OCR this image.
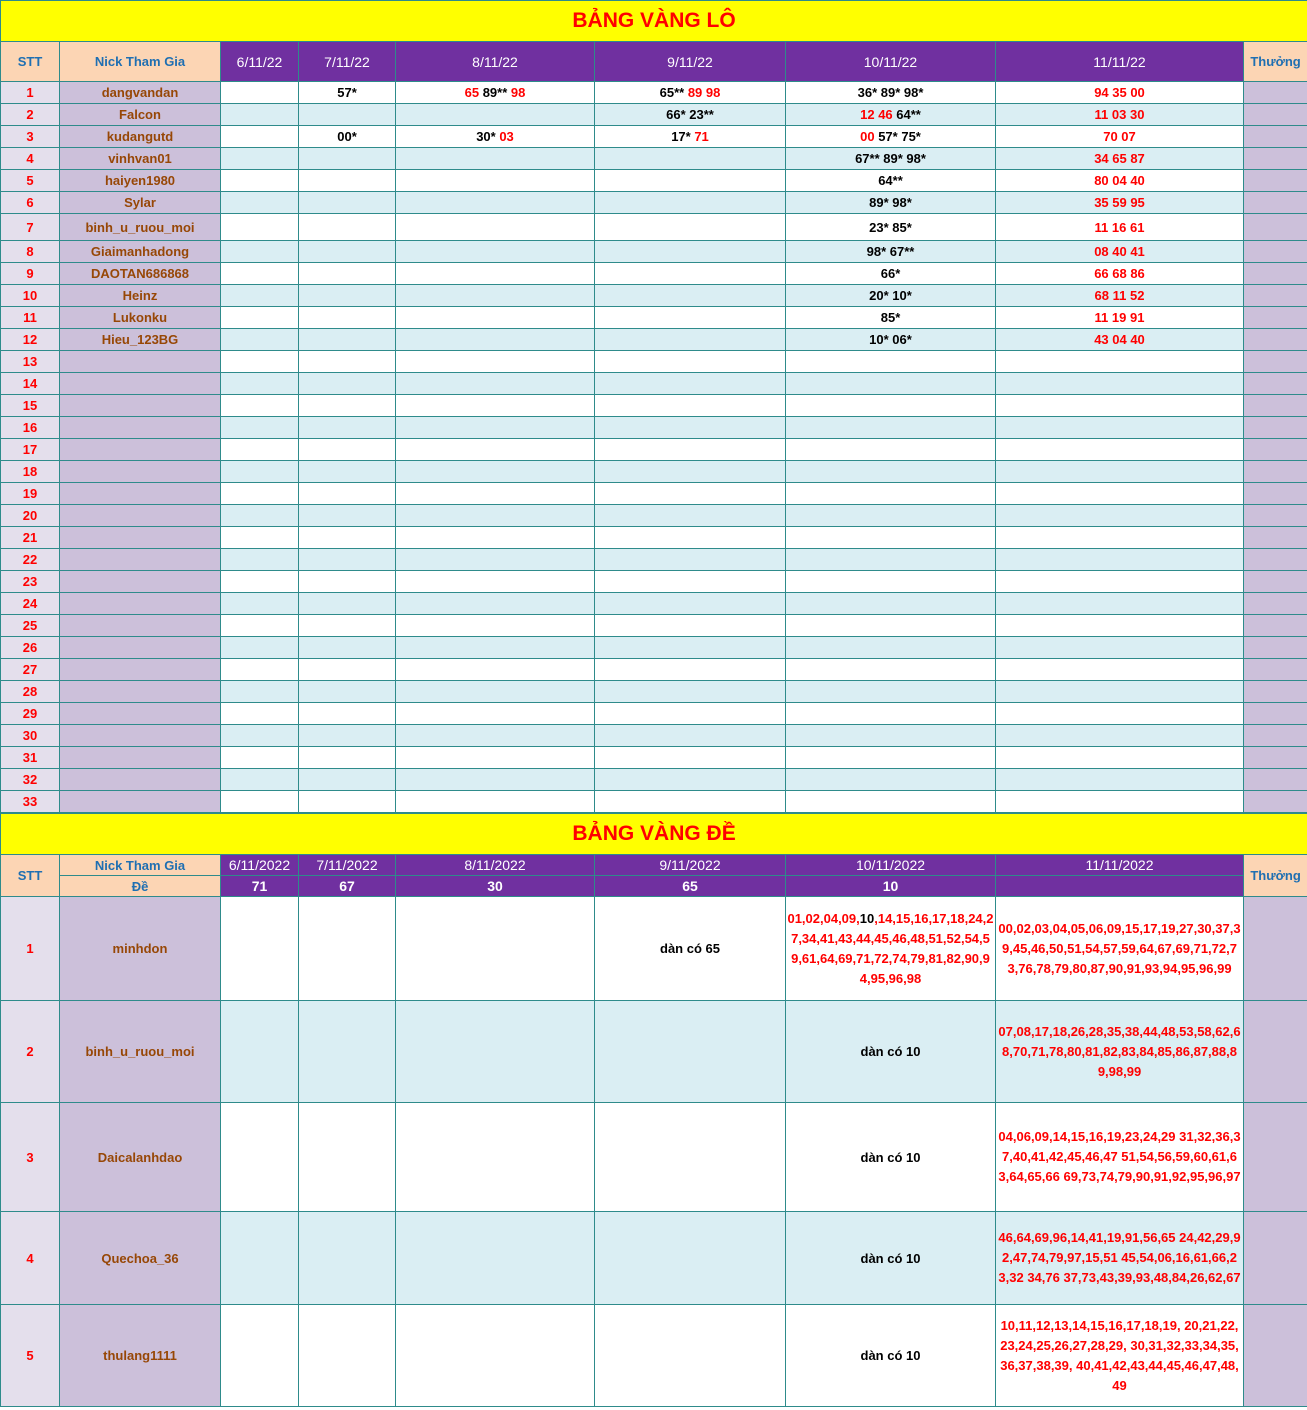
BẢNG VÀNG LÔ								
STT	Nick Tham Gia	6/11/22	7/11/22	8/11/22	9/11/22	10/11/22	11/11/22	Thưởng
1	dangvandan		57*	65 89** 98	65** 89 98	36* 89* 98*	94 35 00	
2	Falcon				66* 23**	12 46 64**	11 03 30	
3	kudangutd		00*	30* 03	17* 71	00 57* 75*	70 07	
4	vinhvan01					67** 89* 98*	34 65 87	
5	haiyen1980					64**	80 04 40	
6	Sylar					89* 98*	35 59 95	
7	binh_u_ruou_moi					23* 85*	11 16 61	
8	Giaimanhadong					98* 67**	08 40 41	
9	DAOTAN686868					66*	66 68 86	
10	Heinz					20* 10*	68 11 52	
11	Lukonku					85*	11 19 91	
12	Hieu_123BG					10* 06*	43 04 40	
13								
14								
15								
16								
17								
18								
19								
20								
21								
22								
23								
24								
25								
26								
27								
28								
29								
30								
31								
32								
33								
BẢNG VÀNG ĐỀ								
STT	Nick Tham Gia	6/11/2022	7/11/2022	8/11/2022	9/11/2022	10/11/2022	11/11/2022	Thưởng
	Đề	71	67	30	65	10		
1	minhdon				dàn có 65	01,02,04,09,10,14,15,16,17,18,24,27,34,41,43,44,45,46,48,51,52,54,59,61,64,69,71,72,74,79,81,82,90,94,95,96,98	00,02,03,04,05,06,09,15,17,19,27,30,37,39,45,46,50,51,54,57,59,64,67,69,71,72,73,76,78,79,80,87,90,91,93,94,95,96,99	
2	binh_u_ruou_moi					dàn có 10	07,08,17,18,26,28,35,38,44,48,53,58,62,68,70,71,78,80,81,82,83,84,85,86,87,88,89,98,99	
3	Daicalanhdao					dàn có 10	04,06,09,14,15,16,19,23,24,29 31,32,36,37,40,41,42,45,46,47 51,54,56,59,60,61,63,64,65,66 69,73,74,79,90,91,92,95,96,97	
4	Quechoa_36					dàn có 10	46,64,69,96,14,41,19,91,56,65 24,42,29,92,47,74,79,97,15,51 45,54,06,16,61,66,23,32 34,76 37,73,43,39,93,48,84,26,62,67	
5	thulang1111					dàn có 10	10,11,12,13,14,15,16,17,18,19, 20,21,22,23,24,25,26,27,28,29, 30,31,32,33,34,35,36,37,38,39, 40,41,42,43,44,45,46,47,48,49	
